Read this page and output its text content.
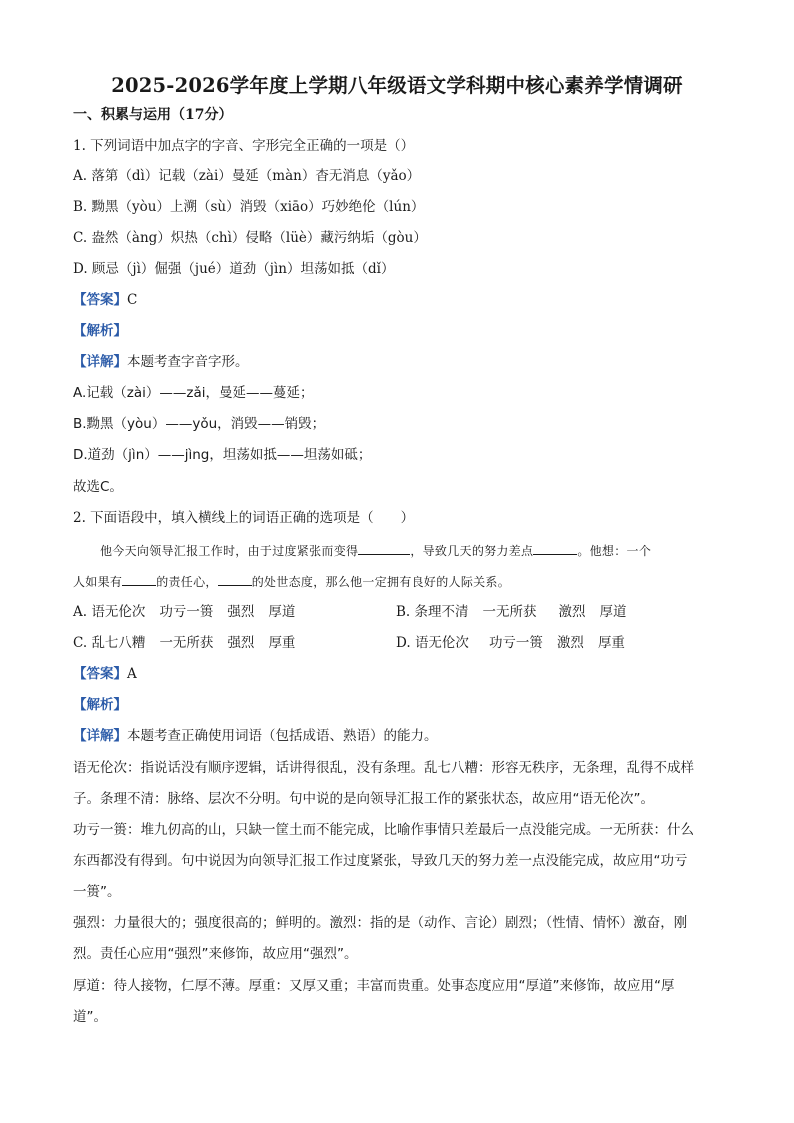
2025-2026学年度上学期八年级语文学科期中核心素养学情调研
一、积累与运用（17分）
1. 下列词语中加点字的字音、字形完全正确的一项是（）
A. 落第（dì）记载（zài）曼延（màn）杳无消息（yǎo）
B. 黝黑（yòu）上溯（sù）消毁（xiāo）巧妙绝伦（lún）
C. 盎然（àng）炽热（chì）侵略（lüè）藏污纳垢（gòu）
D. 顾忌（jì）倔强（jué）道劲（jìn）坦荡如抵（dǐ）
【答案】C
【解析】
【详解】本题考查字音字形。
A.记载（zài）——zǎi，曼延——蔓延；
B.黝黑（yòu）——yǒu，消毁——销毁；
D.道劲（jìn）——jìng，坦荡如抵——坦荡如砥；
故选C。
2. 下面语段中，填入横线上的词语正确的选项是（　　）
他今天向领导汇报工作时，由于过度紧张而变得	，导致几天的努力差点	。他想：一个
人如果有	的责任心，	的处世态度，那么他一定拥有良好的人际关系。
A. 语无伦次 功亏一篑 强烈 厚道	B. 条理不清 一无所获 激烈 厚道
C. 乱七八糟 一无所获 强烈 厚重	D. 语无伦次 功亏一篑 激烈 厚重
【答案】A
【解析】
【详解】本题考查正确使用词语（包括成语、熟语）的能力。
语无伦次：指说话没有顺序逻辑，话讲得很乱，没有条理。乱七八糟：形容无秩序，无条理，乱得不成样
子。条理不清：脉络、层次不分明。句中说的是向领导汇报工作的紧张状态，故应用“语无伦次”。
功亏一篑：堆九仞高的山，只缺一筐土而不能完成，比喻作事情只差最后一点没能完成。一无所获：什么
东西都没有得到。句中说因为向领导汇报工作过度紧张，导致几天的努力差一点没能完成，故应用“功亏
一篑”。
强烈：力量很大的；强度很高的；鲜明的。激烈：指的是（动作、言论）剧烈；（性情、情怀）激奋，刚
烈。责任心应用“强烈”来修饰，故应用“强烈”。
厚道：待人接物，仁厚不薄。厚重：又厚又重；丰富而贵重。处事态度应用“厚道”来修饰，故应用“厚
道”。
